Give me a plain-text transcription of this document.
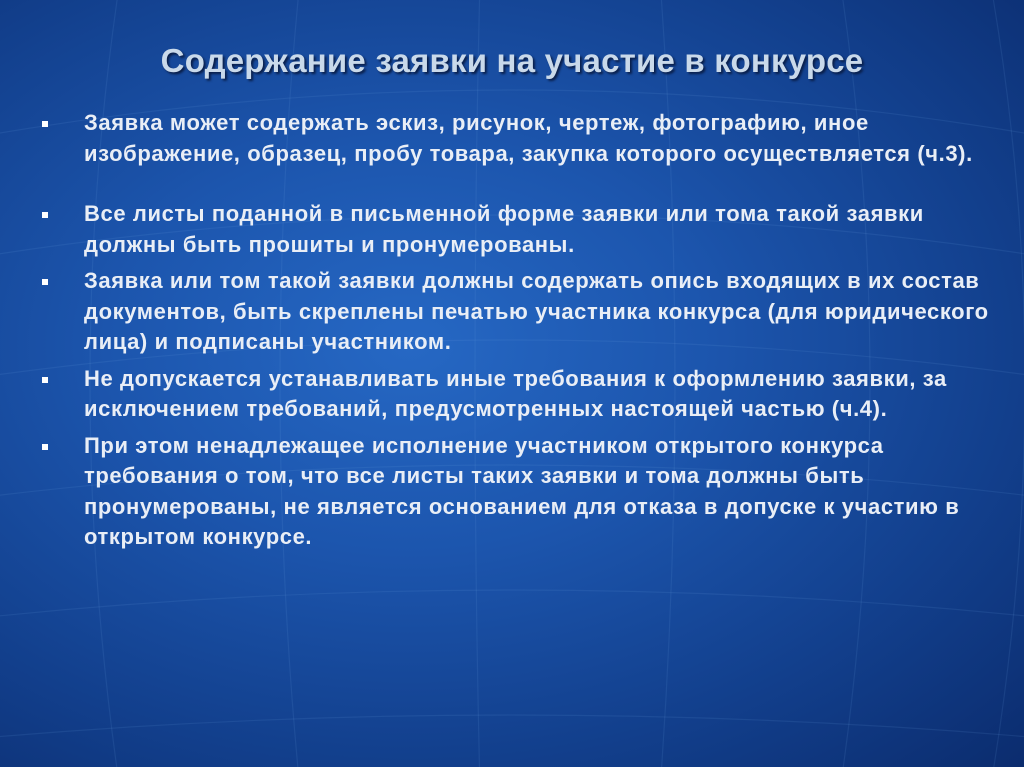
Содержание заявки на участие в конкурсе
Заявка может содержать эскиз, рисунок, чертеж, фотографию, иное изображение, образец, пробу товара, закупка которого осуществляется (ч.3).
Все листы поданной в письменной форме заявки или тома такой заявки должны быть прошиты и пронумерованы.
Заявка или том такой заявки должны содержать опись входящих в их состав документов, быть скреплены печатью участника конкурса (для юридического лица) и подписаны участником.
Не допускается устанавливать иные требования к оформлению заявки, за исключением требований, предусмотренных настоящей частью (ч.4).
При этом ненадлежащее исполнение участником открытого конкурса требования о том, что все листы таких заявки и тома должны быть пронумерованы, не является основанием для отказа в допуске к участию в открытом конкурсе.
